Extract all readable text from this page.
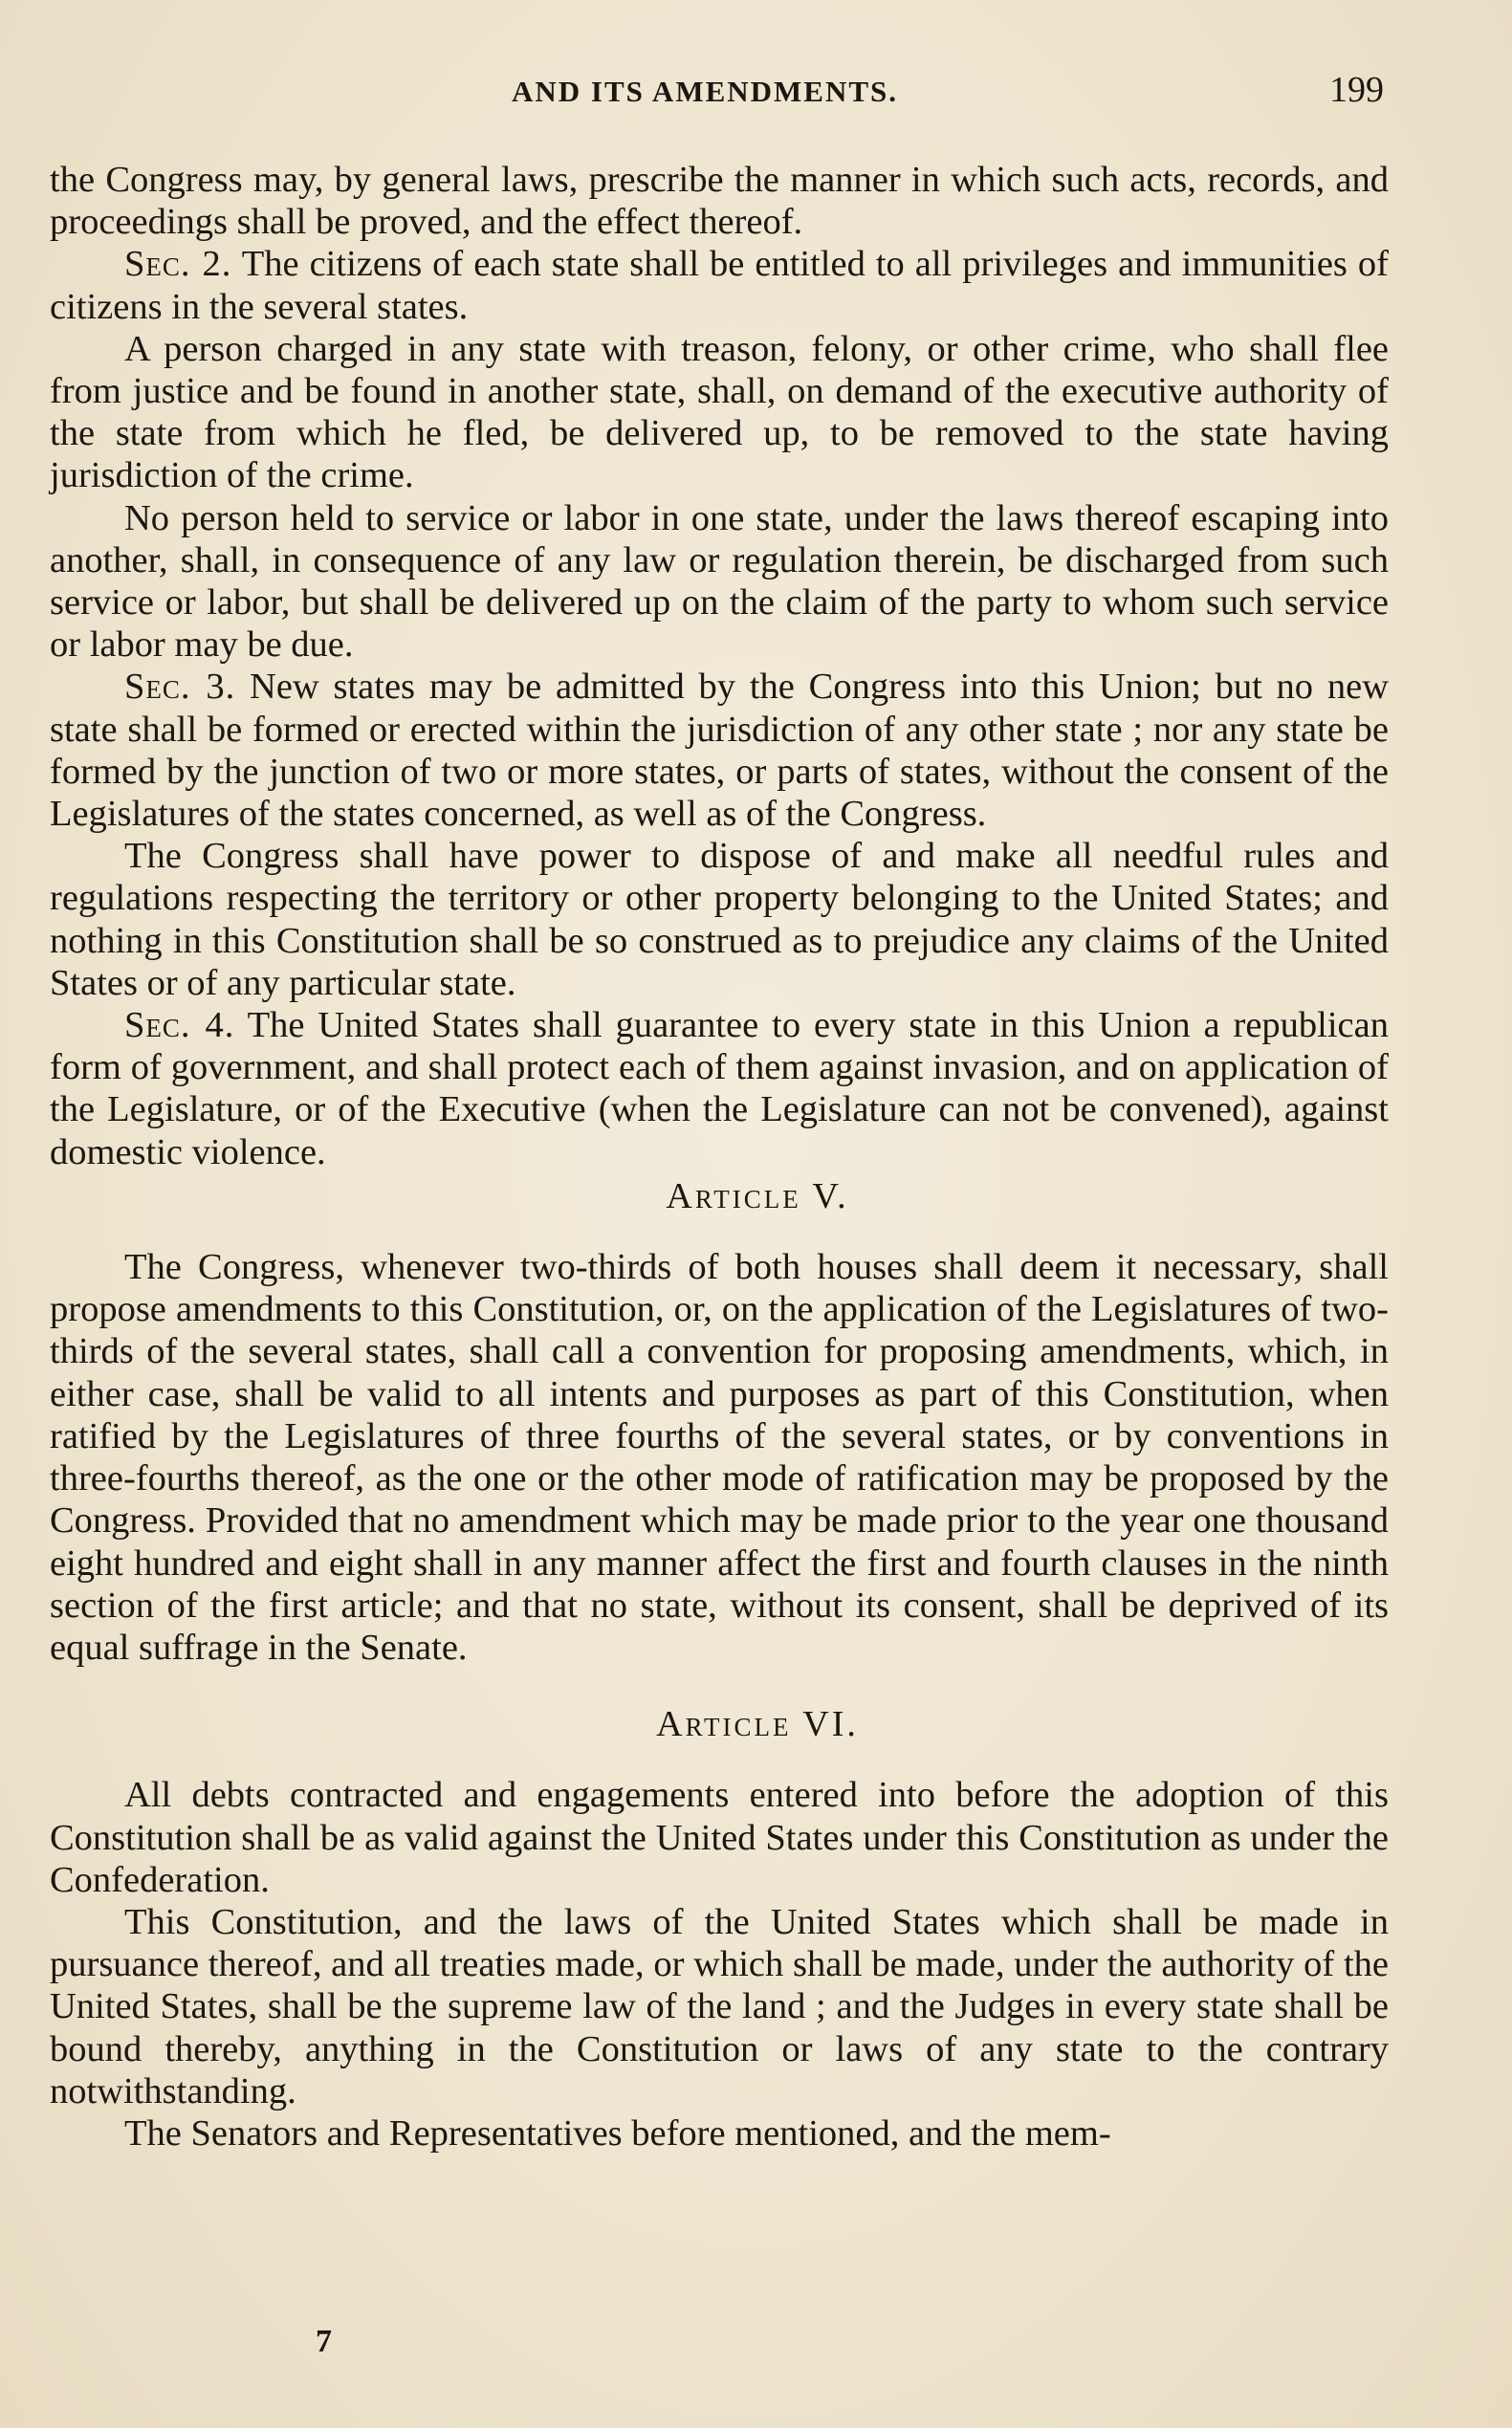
AND ITS AMENDMENTS.	199

the Congress may, by general laws, prescribe the manner in which such acts, records, and proceedings shall be proved, and the effect thereof.

Sec. 2. The citizens of each state shall be entitled to all privileges and immunities of citizens in the several states.

A person charged in any state with treason, felony, or other crime, who shall flee from justice and be found in another state, shall, on demand of the executive authority of the state from which he fled, be delivered up, to be removed to the state having jurisdiction of the crime.

No person held to service or labor in one state, under the laws thereof escaping into another, shall, in consequence of any law or regulation therein, be discharged from such service or labor, but shall be delivered up on the claim of the party to whom such service or labor may be due.

Sec. 3. New states may be admitted by the Congress into this Union; but no new state shall be formed or erected within the jurisdiction of any other state ; nor any state be formed by the junction of two or more states, or parts of states, without the consent of the Legislatures of the states concerned, as well as of the Congress.

The Congress shall have power to dispose of and make all needful rules and regulations respecting the territory or other property belonging to the United States; and nothing in this Constitution shall be so construed as to prejudice any claims of the United States or of any particular state.

Sec. 4. The United States shall guarantee to every state in this Union a republican form of government, and shall protect each of them against invasion, and on application of the Legislature, or of the Executive (when the Legislature can not be convened), against domestic violence.

Article V.

The Congress, whenever two-thirds of both houses shall deem it necessary, shall propose amendments to this Constitution, or, on the application of the Legislatures of two-thirds of the several states, shall call a convention for proposing amendments, which, in either case, shall be valid to all intents and purposes as part of this Constitution, when ratified by the Legislatures of three fourths of the several states, or by conventions in three-fourths thereof, as the one or the other mode of ratification may be proposed by the Congress. Provided that no amendment which may be made prior to the year one thousand eight hundred and eight shall in any manner affect the first and fourth clauses in the ninth section of the first article; and that no state, without its consent, shall be deprived of its equal suffrage in the Senate.

Article VI.

All debts contracted and engagements entered into before the adoption of this Constitution shall be as valid against the United States under this Constitution as under the Confederation.

This Constitution, and the laws of the United States which shall be made in pursuance thereof, and all treaties made, or which shall be made, under the authority of the United States, shall be the supreme law of the land ; and the Judges in every state shall be bound thereby, anything in the Constitution or laws of any state to the contrary notwithstanding.

The Senators and Representatives before mentioned, and the mem-

7
